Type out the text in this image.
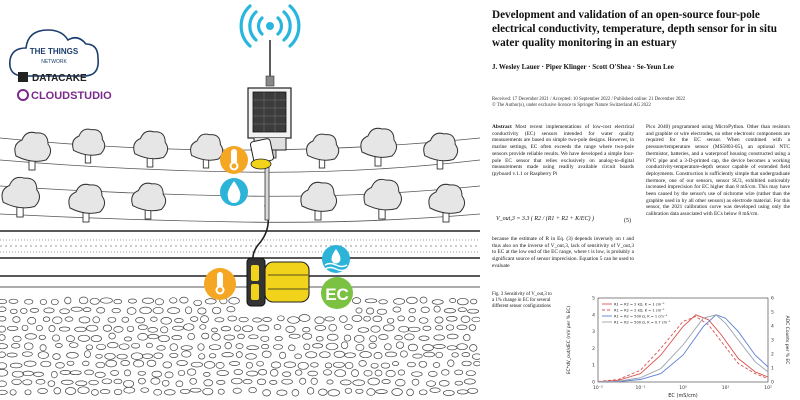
EC
THE THINGS
NETWORK
DATACAKE
CLOUDSTUDIO
Development and validation of an open-source four-pole electrical conductivity, temperature, depth sensor for in situ water quality monitoring in an estuary
J. Wesley Lauer · Piper Klinger · Scott O'Shea · Se-Yeun Lee
Received: 17 December 2021 / Accepted: 10 September 2022 / Published online: 21 December 2022
© The Author(s), under exclusive licence to Springer Nature Switzerland AG 2022
Abstract Most recent implementations of low-cost electrical conductivity (EC) sensors intended for water quality measurements are based on simple two-pole designs. However, in marine settings, EC often exceeds the range where two-pole sensors provide reliable results. We have developed a simple four-pole EC sensor that relies exclusively on analog-to-digital measurements made using readily available circuit boards (pyboard v.1.1 or Raspberry Pi
V_out,3 = 3.3 ( R2 / (R1 + R2 + K/EC) )	(5)
because the estimate of R in Eq. (3) depends inversely on t and thus also on the inverse of V_out,3, lack of sensitivity of V_out,3 to EC at the low end of the EC range, where t is low, is probably a significant source of sensor imprecision. Equation 5 can be used to evaluate
Pico 2040) programmed using MicroPython. Other than resistors and graphite or wire electrodes, no other electronic components are required for the EC sensor. When combined with a pressure/temperature sensor (MS5803-05), an optional NTC thermistor, batteries, and a waterproof housing constructed using a PVC pipe and a 3-D-printed cap, the device becomes a working conductivity-temperature-depth sensor capable of extended field deployments. Construction is sufficiently simple that undergraduate thermore, one of our sensors, sensor SU3, exhibited noticeably increased imprecision for EC higher than 8 mS/cm. This may have been caused by the sensor's use of nichrome wire (rather than the graphite used in by all other sensors) as electrode material. For this sensor, the 2021 calibration curve was developed using only the calibration data associated with ECs below 8 mS/cm.
Fig. 3 Sensitivity of V_out,3 to a 1% change in EC for several different sensor configurations
10⁻²	10⁻¹	10⁰	10¹	10²
0
1
2
3
4
5
0
1
2
3
4
5
6
EC (mS/cm)
EC*dV_out/dEC (mV per % EC)	ADC Counts per % EC
R1 = R2 = 2 kΩ, K = 1 cm⁻¹
R1 = R2 = 2 kΩ, K = 1 cm⁻¹
R1 = R2 = 500 Ω, K = 1 cm⁻¹
R1 = R2 = 500 Ω, K = 0.7 cm⁻¹
